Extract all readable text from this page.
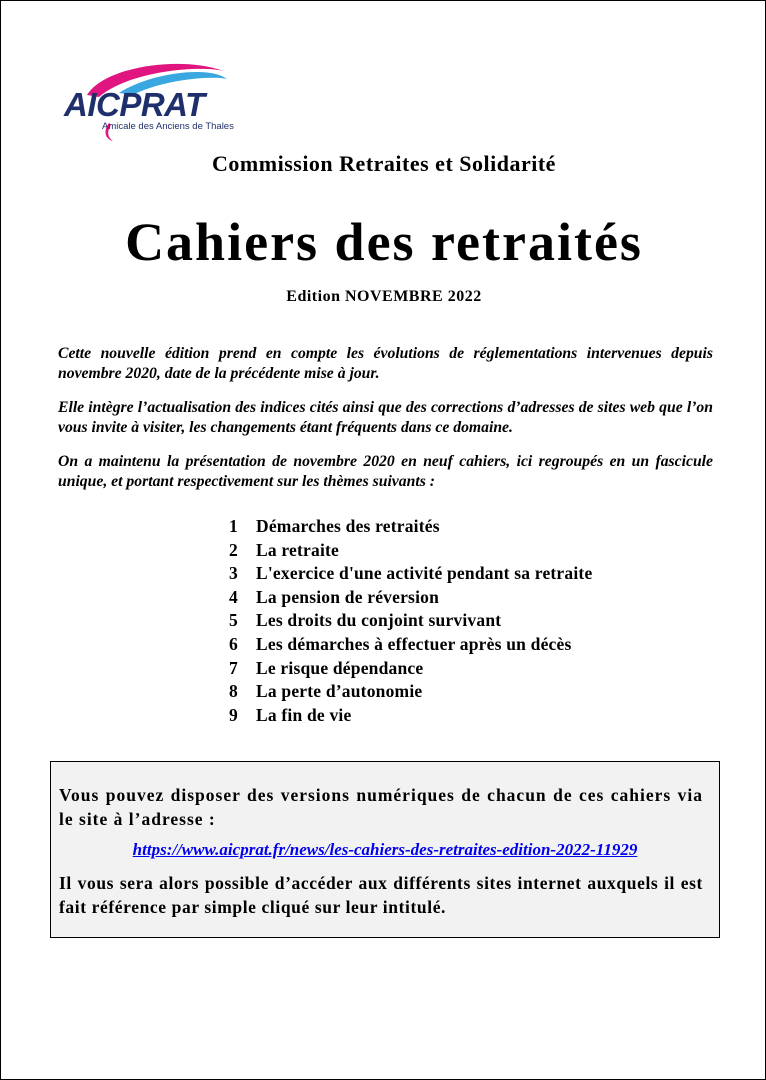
AICPRAT
Amicale des Anciens de Thales
Commission Retraites et Solidarité
Cahiers des retraités
Edition NOVEMBRE 2022

Cette nouvelle édition prend en compte les évolutions de réglementations intervenues depuis novembre 2020, date de la précédente mise à jour.

Elle intègre l’actualisation des indices cités ainsi que des corrections d’adresses de sites web que l’on vous invite à visiter, les changements étant fréquents dans ce domaine.

On a maintenu la présentation de novembre 2020 en neuf cahiers, ici regroupés en un fascicule unique, et portant respectivement sur les thèmes suivants :

1	Démarches des retraités
2	La retraite
3	L'exercice d'une activité pendant sa retraite
4	La pension de réversion
5	Les droits du conjoint survivant
6	Les démarches à effectuer après un décès
7	Le risque dépendance
8	La perte d’autonomie
9	La fin de vie
Vous pouvez disposer des versions numériques de chacun de ces cahiers via le site à l’adresse :
https://www.aicprat.fr/news/les-cahiers-des-retraites-edition-2022-11929
Il vous sera alors possible d’accéder aux différents sites internet auxquels il est fait référence par simple cliqué sur leur intitulé.
